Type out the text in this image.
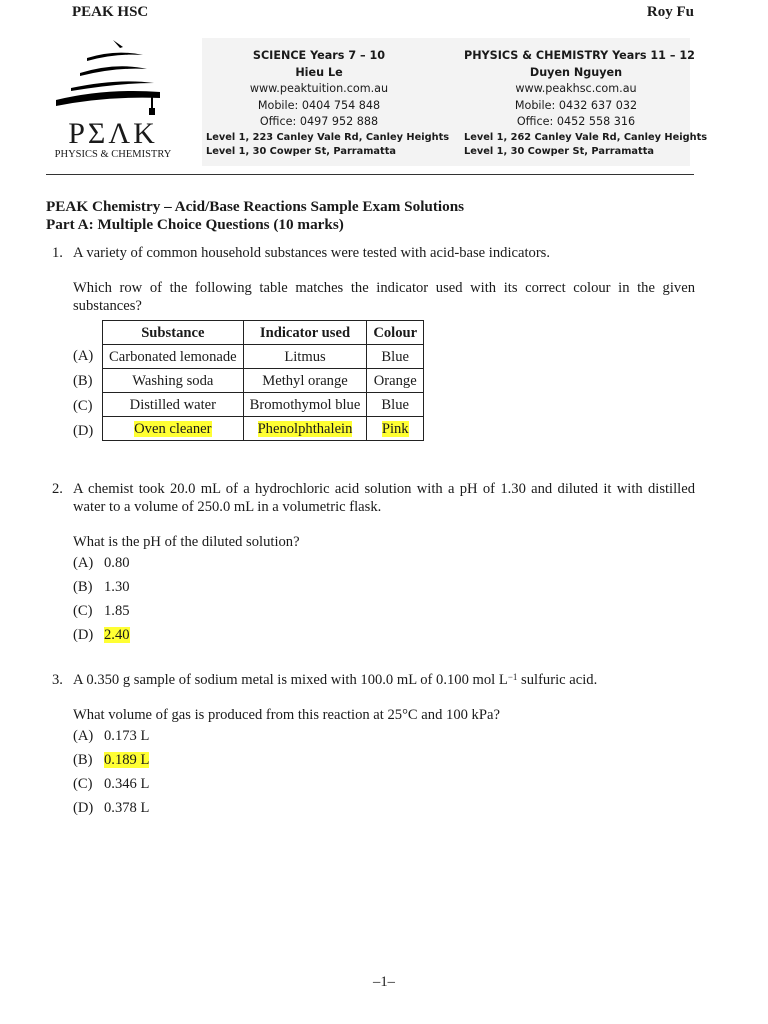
PEAK HSC	Roy Fu
PΣΛK
PHYSICS & CHEMISTRY
SCIENCE Years 7 – 10
Hieu Le
www.peaktuition.com.au
Mobile: 0404 754 848
Office: 0497 952 888
Level 1, 223 Canley Vale Rd, Canley Heights
Level 1, 30 Cowper St, Parramatta
PHYSICS & CHEMISTRY Years 11 – 12
Duyen Nguyen
www.peakhsc.com.au
Mobile: 0432 637 032
Office: 0452 558 316
Level 1, 262 Canley Vale Rd, Canley Heights
Level 1, 30 Cowper St, Parramatta
PEAK Chemistry – Acid/Base Reactions Sample Exam Solutions
Part A: Multiple Choice Questions (10 marks)
1. A variety of common household substances were tested with acid-base indicators.
Which row of the following table matches the indicator used with its correct colour in the given substances?
(A)
(B)
(C)
(D)
Substance	Indicator used	Colour
Carbonated lemonade	Litmus	Blue
Washing soda	Methyl orange	Orange
Distilled water	Bromothymol blue	Blue
Oven cleaner	Phenolphthalein	Pink
2. A chemist took 20.0 mL of a hydrochloric acid solution with a pH of 1.30 and diluted it with distilled water to a volume of 250.0 mL in a volumetric flask.
What is the pH of the diluted solution?
(A) 0.80
(B) 1.30
(C) 1.85
(D) 2.40
3. A 0.350 g sample of sodium metal is mixed with 100.0 mL of 0.100 mol $L^{-1}$ sulfuric acid.
What volume of gas is produced from this reaction at 25°C and 100 kPa?
(A) 0.173 L
(B) 0.189 L
(C) 0.346 L
(D) 0.378 L
–1–
